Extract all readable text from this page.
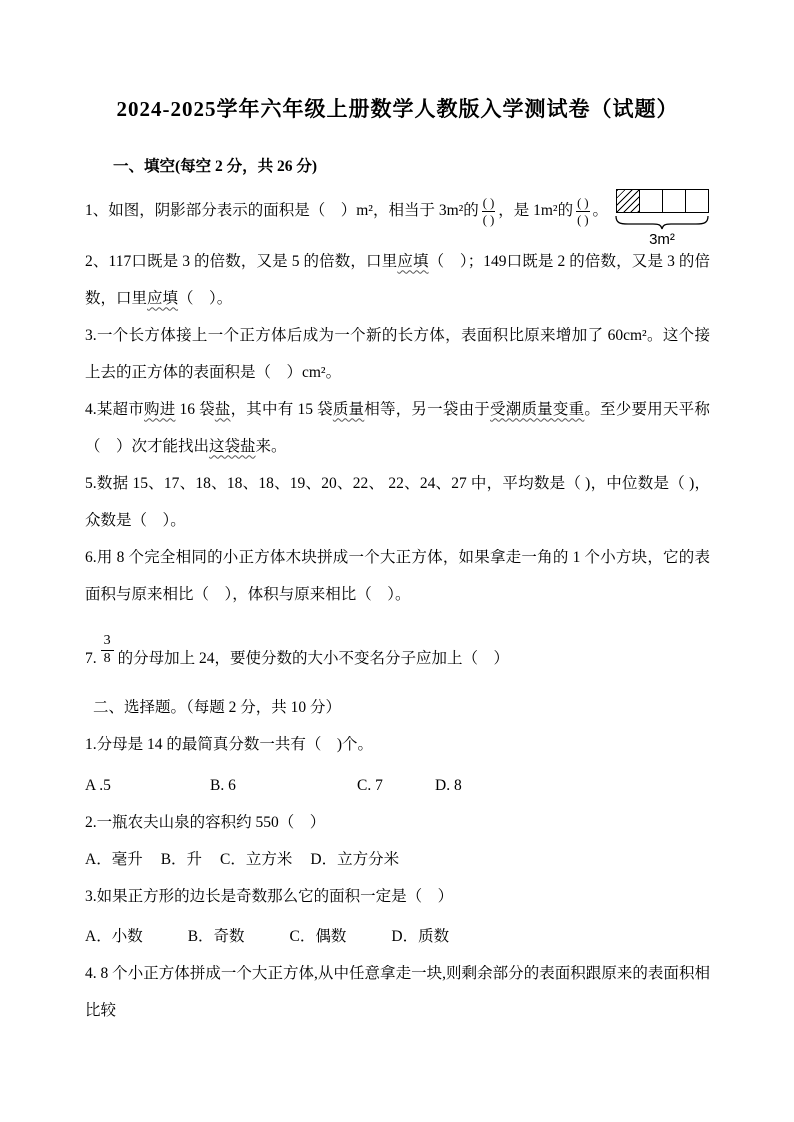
2024-2025学年六年级上册数学人教版入学测试卷（试题）
一、填空(每空 2 分，共 26 分)

1、如图，阴影部分表示的面积是（　）m²，相当于 3m²的 ( )
( )
，是 1m²的 ( )
( )
。

3m²

2、117口既是 3 的倍数，又是 5 的倍数，口里应填（　）；149口既是 2 的倍数，又是 3 的倍数，口里应填（　）。

3.一个长方体接上一个正方体后成为一个新的长方体，表面积比原来增加了 60cm²。这个接上去的正方体的表面积是（　）cm²。

4.某超市购进 16 袋盐，其中有 15 袋质量相等，另一袋由于受潮质量变重。至少要用天平称（　）次才能找出这袋盐来。

5.数据 15、17、18、18、18、19、20、22、 22、24、27 中，平均数是（ )，中位数是（ )，众数是（　）。

6.用 8 个完全相同的小正方体木块拼成一个大正方体，如果拿走一角的 1 个小方块，它的表面积与原来相比（　），体积与原来相比（　）。

7. $\frac{3}{8}$ 的分母加上 24，要使分数的大小不变名分子应加上（　）

二、选择题。（每题 2 分，共 10 分）

1.分母是 14 的最简真分数一共有（　)个。

A .5	B. 6	C. 7	D. 8

2.一瓶农夫山泉的容积约 550（　）

A．毫升 B．升 C．立方米 D．立方分米

3.如果正方形的边长是奇数那么它的面积一定是（　）

A．小数	B．奇数	C．偶数	D．质数

4. 8 个小正方体拼成一个大正方体,从中任意拿走一块,则剩余部分的表面积跟原来的表面积相比较
